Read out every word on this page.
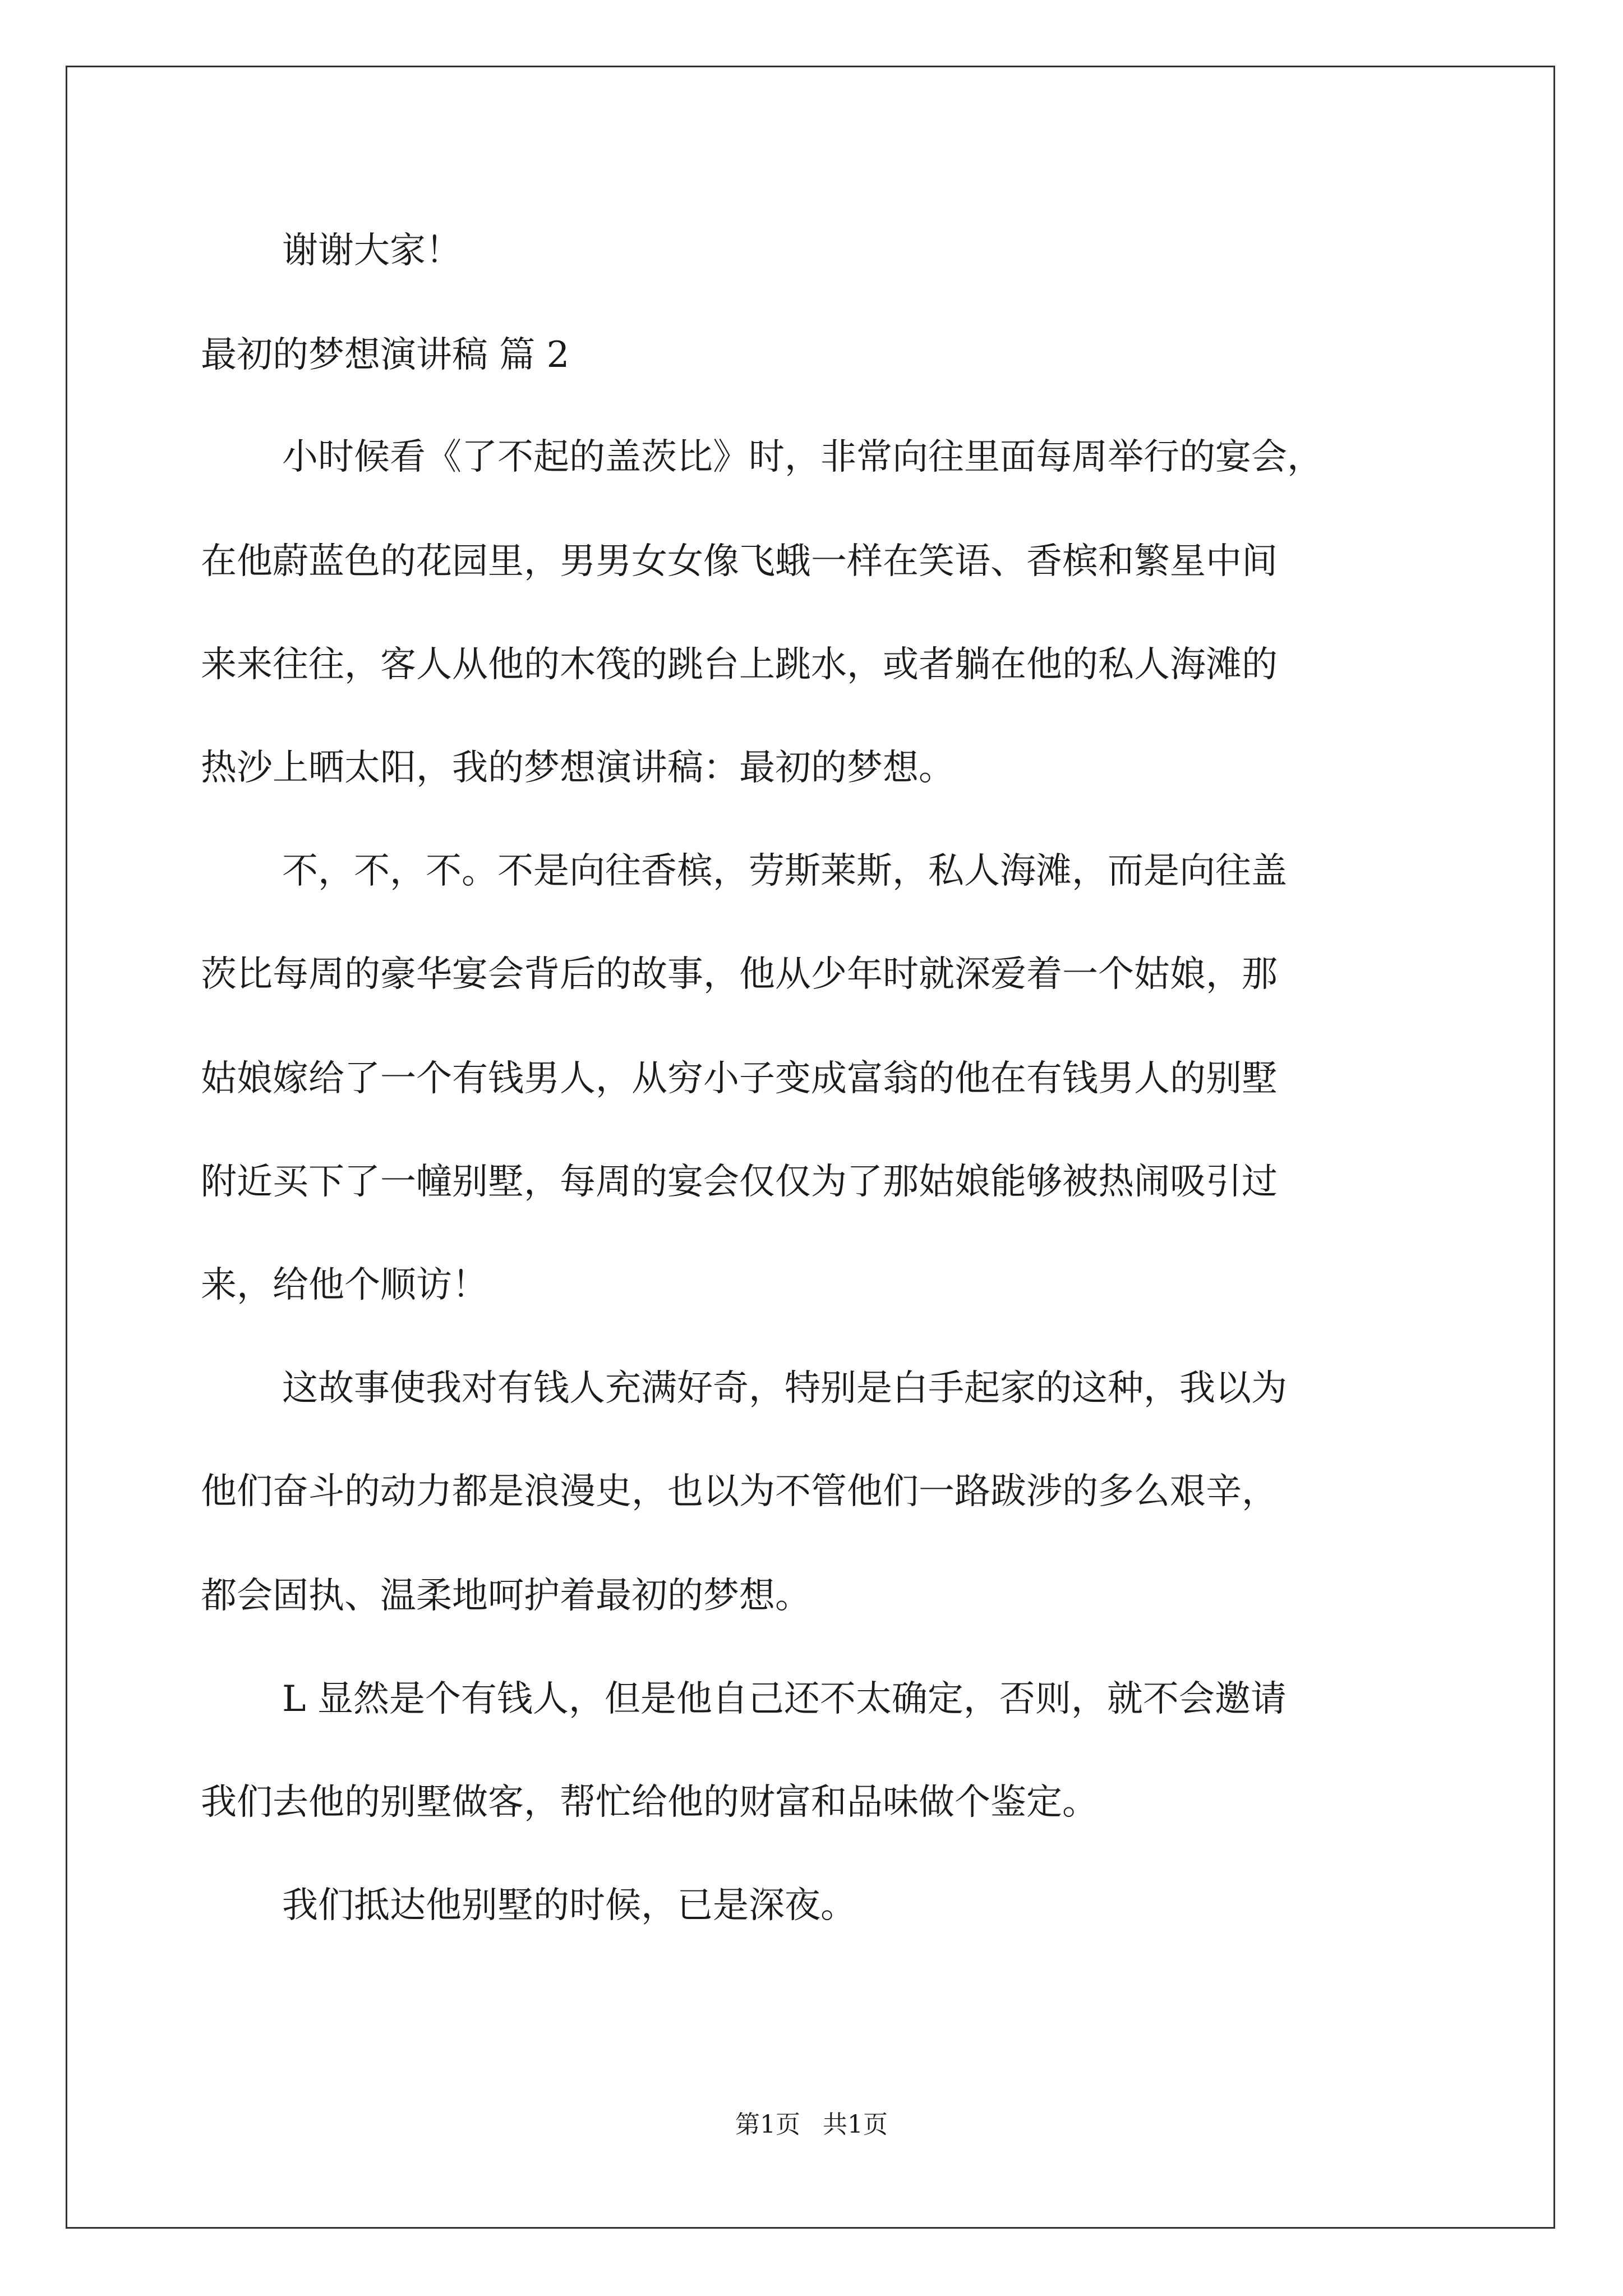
谢谢大家！
最初的梦想演讲稿 篇 2
小时候看《了不起的盖茨比》时，非常向往里面每周举行的宴会，
在他蔚蓝色的花园里，男男女女像飞蛾一样在笑语、香槟和繁星中间
来来往往，客人从他的木筏的跳台上跳水，或者躺在他的私人海滩的
热沙上晒太阳，我的梦想演讲稿：最初的梦想。
不，不，不。不是向往香槟，劳斯莱斯，私人海滩，而是向往盖
茨比每周的豪华宴会背后的故事，他从少年时就深爱着一个姑娘，那
姑娘嫁给了一个有钱男人，从穷小子变成富翁的他在有钱男人的别墅
附近买下了一幢别墅，每周的宴会仅仅为了那姑娘能够被热闹吸引过
来，给他个顺访！
这故事使我对有钱人充满好奇，特别是白手起家的这种，我以为
他们奋斗的动力都是浪漫史，也以为不管他们一路跋涉的多么艰辛，
都会固执、温柔地呵护着最初的梦想。
L 显然是个有钱人，但是他自己还不太确定，否则，就不会邀请
我们去他的别墅做客，帮忙给他的财富和品味做个鉴定。
我们抵达他别墅的时候，已是深夜。
第1页 共1页
